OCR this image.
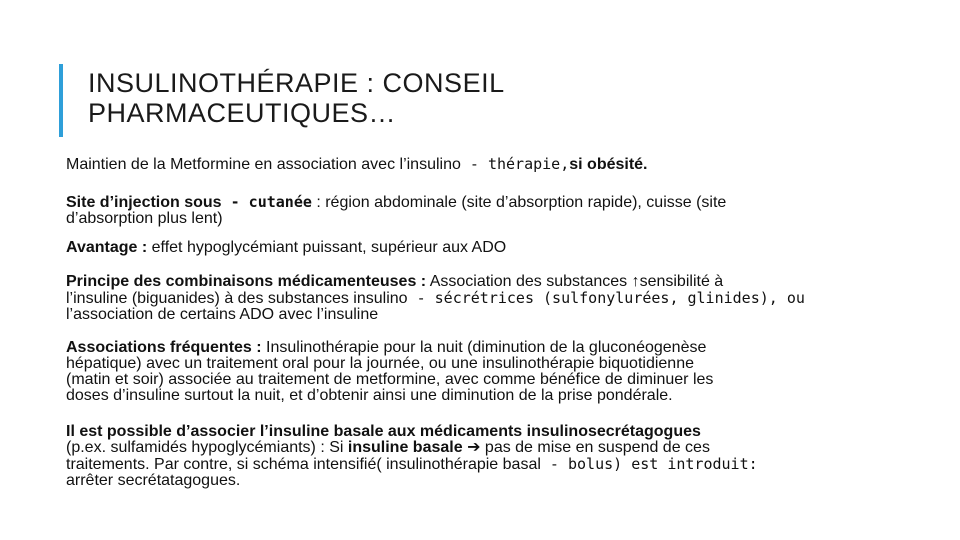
INSULINOTHÉRAPIE : CONSEIL
PHARMACEUTIQUES…

Maintien de la Metformine en association avec l’insulino - thérapie,si obésité.

Site d’injection sous - cutanée : région abdominale (site d’absorption rapide), cuisse (site
d’absorption plus lent)

Avantage : effet hypoglycémiant puissant, supérieur aux ADO

Principe des combinaisons médicamenteuses : Association des substances ↑sensibilité à
l’insuline (biguanides) à des substances insulino - sécrétrices (sulfonylurées, glinides), ou
l’association de certains ADO avec l’insuline

Associations fréquentes : Insulinothérapie pour la nuit (diminution de la gluconéogenèse
hépatique) avec un traitement oral pour la journée, ou une insulinothérapie biquotidienne
(matin et soir) associée au traitement de metformine, avec comme bénéfice de diminuer les
doses d’insuline surtout la nuit, et d’obtenir ainsi une diminution de la prise pondérale.

Il est possible d’associer l’insuline basale aux médicaments insulinosecrétagogues
(p.ex. sulfamidés hypoglycémiants) : Si insuline basale ➔ pas de mise en suspend de ces
traitements. Par contre, si schéma intensifié( insulinothérapie basal - bolus) est introduit:
arrêter secrétatagogues.
